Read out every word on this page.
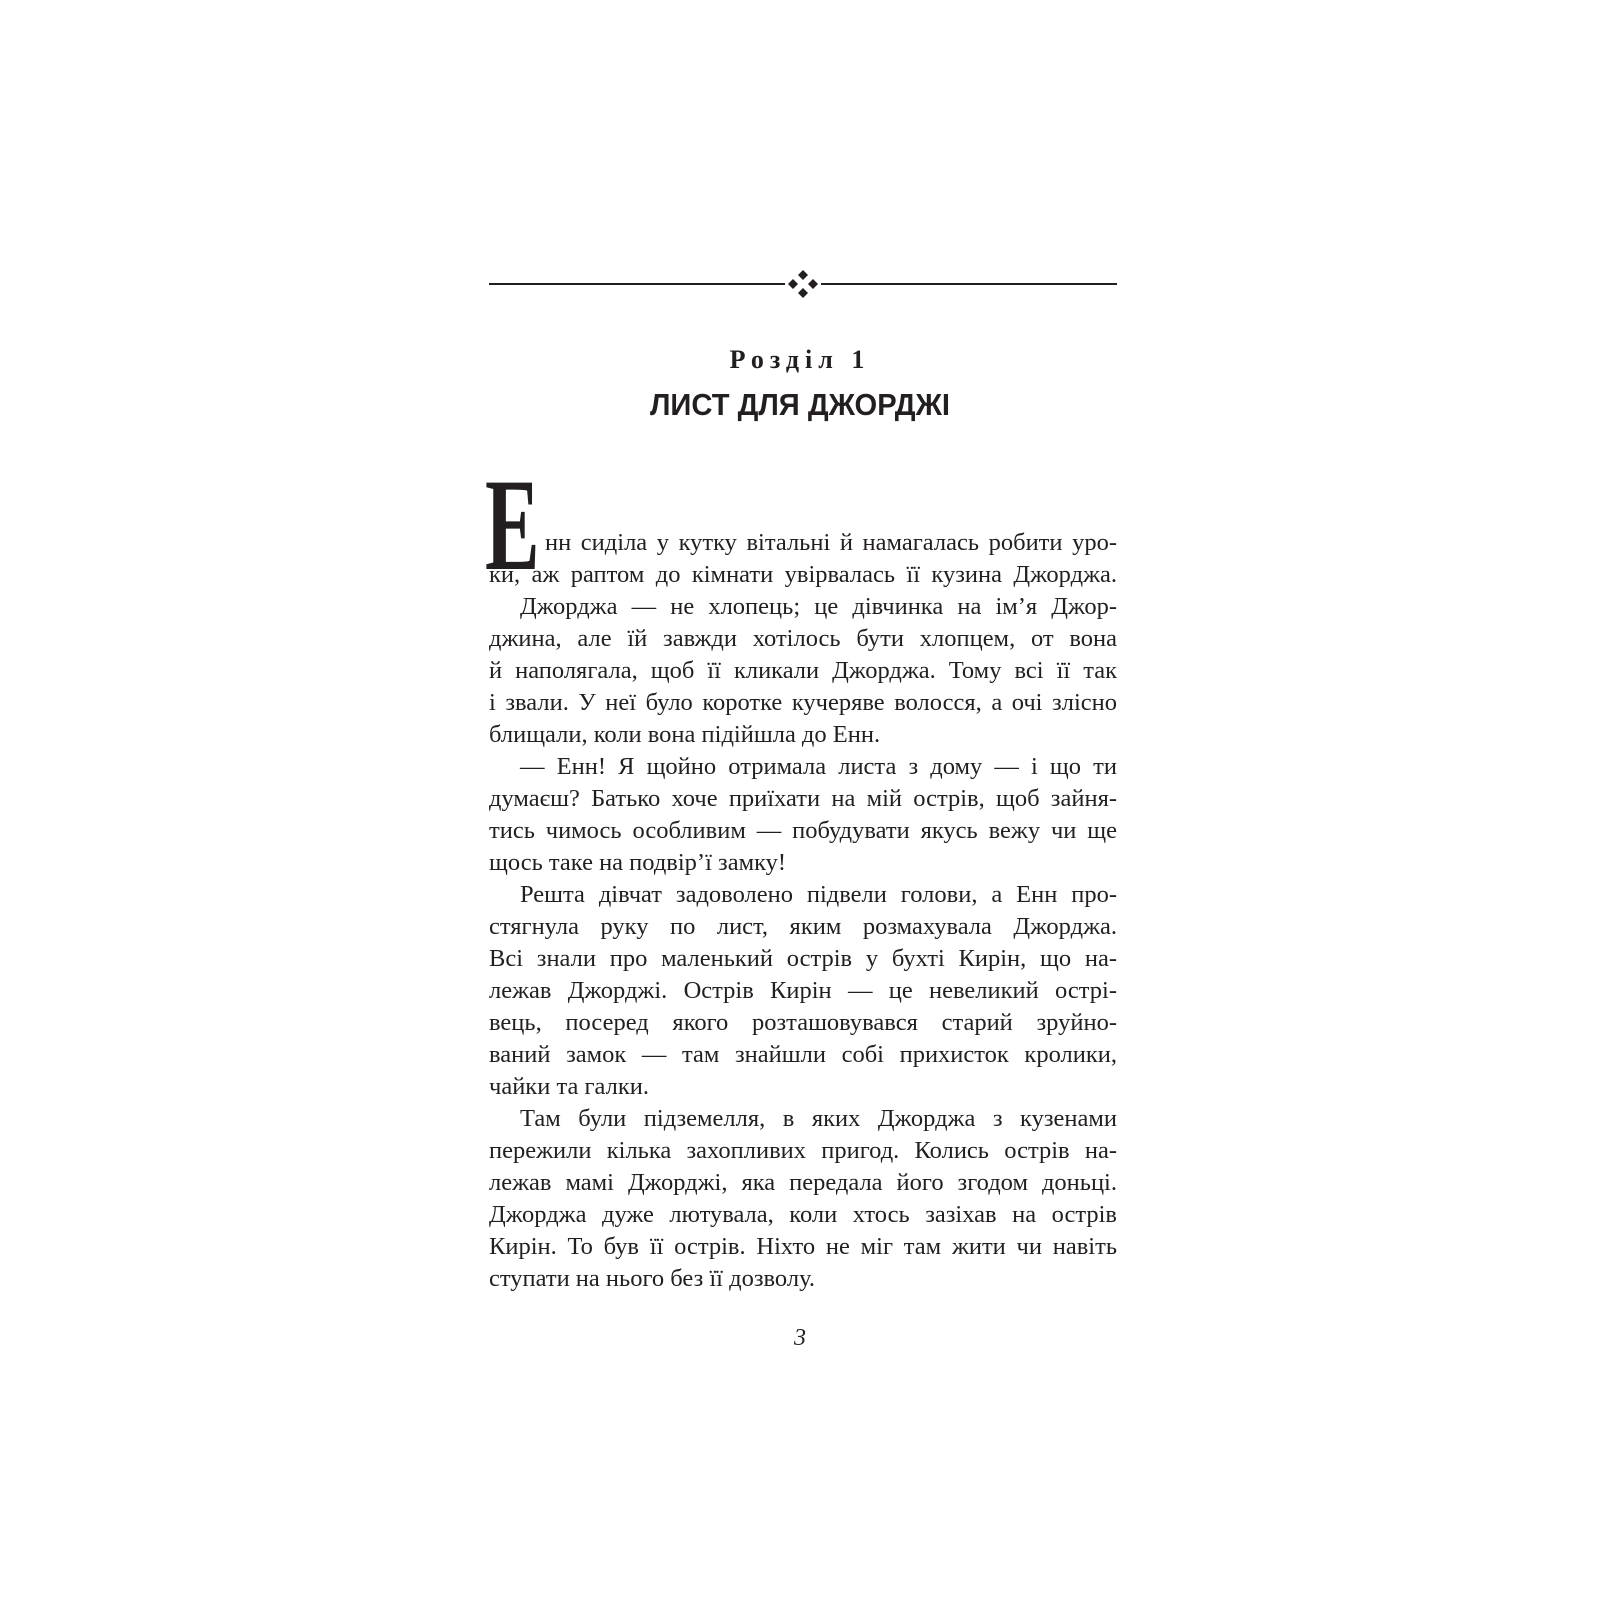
Розділ 1
ЛИСТ ДЛЯ ДЖОРДЖІ
Е нн сиділа у кутку вітальні й намагалась робити уро-
ки, аж раптом до кімнати увірвалась її кузина Джорджа.
Джорджа — не хлопець; це дівчинка на ім’я Джор-
джина, але їй завжди хотілось бути хлопцем, от вона
й наполягала, щоб її кликали Джорджа. Тому всі її так
і звали. У неї було коротке кучеряве волосся, а очі злісно
блищали, коли вона підійшла до Енн.
— Енн! Я щойно отримала листа з дому — і що ти
думаєш? Батько хоче приїхати на мій острів, щоб зайня-
тись чимось особливим — побудувати якусь вежу чи ще
щось таке на подвір’ї замку!
Решта дівчат задоволено підвели голови, а Енн про-
стягнула руку по лист, яким розмахувала Джорджа.
Всі знали про маленький острів у бухті Кирін, що на-
лежав Джорджі. Острів Кирін — це невеликий острі-
вець, посеред якого розташовувався старий зруйно-
ваний замок — там знайшли собі прихисток кролики,
чайки та галки.
Там були підземелля, в яких Джорджа з кузенами
пережили кілька захопливих пригод. Колись острів на-
лежав мамі Джорджі, яка передала його згодом доньці.
Джорджа дуже лютувала, коли хтось зазіхав на острів
Кирін. То був її острів. Ніхто не міг там жити чи навіть
ступати на нього без її дозволу.
3
